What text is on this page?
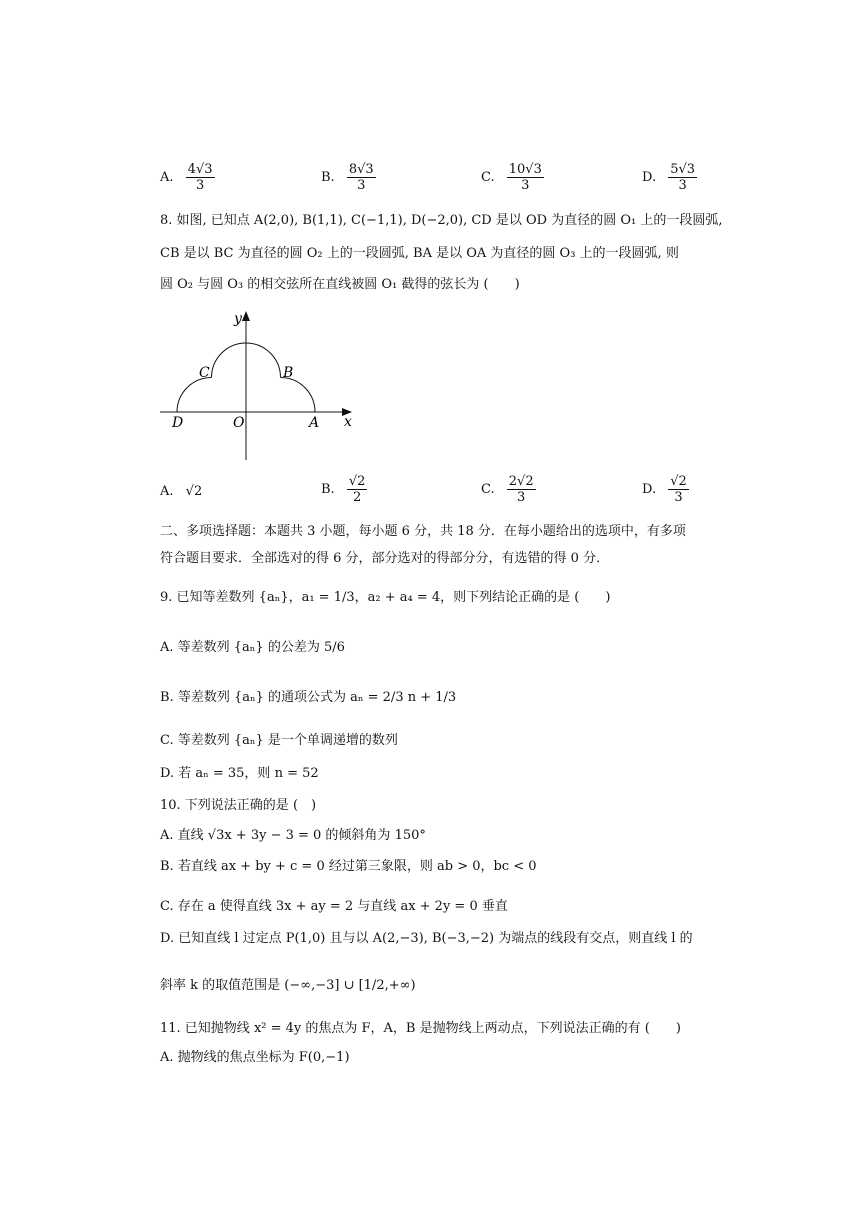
A. $\frac{4√3}{3}$	B. $\frac{8√3}{3}$	C. $\frac{10√3}{3}$	D. $\frac{5√3}{3}$
8. 如图, 已知点 A(2,0), B(1,1), C(−1,1), D(−2,0), CD 是以 OD 为直径的圆 O₁ 上的一段圆弧,
CB 是以 BC 为直径的圆 O₂ 上的一段圆弧, BA 是以 OA 为直径的圆 O₃ 上的一段圆弧, 则
圆 O₂ 与圆 O₃ 的相交弦所在直线被圆 O₁ 截得的弦长为 (　　)
y
x
C	B
D	O	A
A. √2	B. $\frac{√2}{2}$	C. $\frac{2√2}{3}$	D. $\frac{√2}{3}$
二、多项选择题：本题共 3 小题，每小题 6 分，共 18 分．在每小题给出的选项中，有多项
符合题目要求．全部选对的得 6 分，部分选对的得部分分，有选错的得 0 分．
9. 已知等差数列 {aₙ}，a₁ = 1/3，a₂ + a₄ = 4，则下列结论正确的是 (　　)
A. 等差数列 {aₙ} 的公差为 5/6
B. 等差数列 {aₙ} 的通项公式为 aₙ = 2/3 n + 1/3
C. 等差数列 {aₙ} 是一个单调递增的数列
D. 若 aₙ = 35，则 n = 52
10. 下列说法正确的是 (　)
A. 直线 √3x + 3y − 3 = 0 的倾斜角为 150°
B. 若直线 ax + by + c = 0 经过第三象限，则 ab > 0，bc < 0
C. 存在 a 使得直线 3x + ay = 2 与直线 ax + 2y = 0 垂直
D. 已知直线 l 过定点 P(1,0) 且与以 A(2,−3), B(−3,−2) 为端点的线段有交点，则直线 l 的
斜率 k 的取值范围是 (−∞,−3] ∪ [1/2,+∞)
11. 已知抛物线 x² = 4y 的焦点为 F，A，B 是抛物线上两动点，下列说法正确的有 (　　)
A. 抛物线的焦点坐标为 F(0,−1)
